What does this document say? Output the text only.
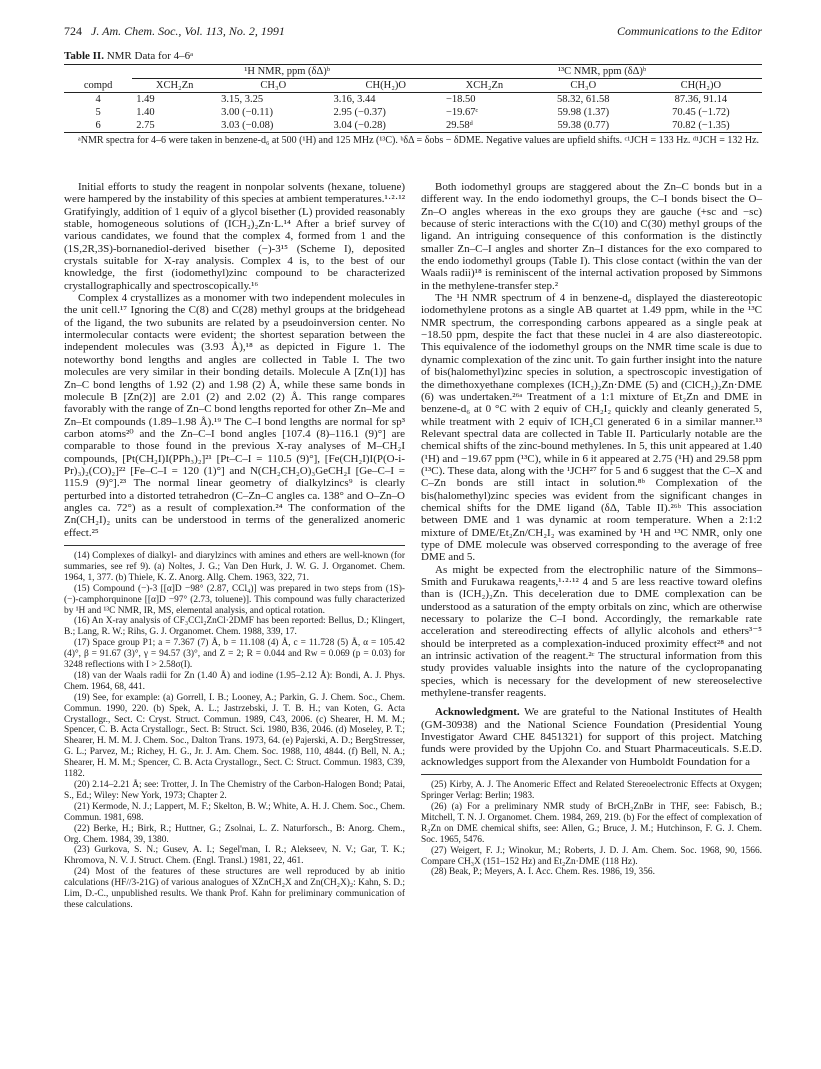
724 J. Am. Chem. Soc., Vol. 113, No. 2, 1991	Communications to the Editor
Table II. NMR Data for 4–6ᵃ
	¹H NMR, ppm (δΔ)ᵇ			¹³C NMR, ppm (δΔ)ᵇ		
compd	XCH₂Zn	CH₃O	CH(H₂)O	XCH₂Zn	CH₃O	CH(H₂)O
4	1.49	3.15, 3.25	3.16, 3.44	−18.50	58.32, 61.58	87.36, 91.14
5	1.40	3.00 (−0.11)	2.95 (−0.37)	−19.67ᶜ	59.98 (1.37)	70.45 (−1.72)
6	2.75	3.03 (−0.08)	3.04 (−0.28)	29.58ᵈ	59.38 (0.77)	70.82 (−1.35)
ᵃNMR spectra for 4–6 were taken in benzene-d₆ at 500 (¹H) and 125 MHz (¹³C). ᵇδΔ = δobs − δDME. Negative values are upfield shifts. ᶜ¹JCH = 133 Hz. ᵈ¹JCH = 132 Hz.

Initial efforts to study the reagent in nonpolar solvents (hexane, toluene) were hampered by the instability of this species at ambient temperatures.¹·²·¹² Gratifyingly, addition of 1 equiv of a glycol bisether (L) provided reasonably stable, homogeneous solutions of (ICH₂)₂Zn·L.¹⁴ After a brief survey of various candidates, we found that the complex 4, formed from 1 and the (1S,2R,3S)-bornanediol-derived bisether (−)-3¹⁵ (Scheme I), deposited crystals suitable for X-ray analysis. Complex 4 is, to the best of our knowledge, the first (iodomethyl)zinc compound to be characterized crystallographically and spectroscopically.¹⁶

Complex 4 crystallizes as a monomer with two independent molecules in the unit cell.¹⁷ Ignoring the C(8) and C(28) methyl groups at the bridgehead of the ligand, the two subunits are related by a pseudoinversion center. No intermolecular contacts were evident; the shortest separation between the independent molecules was (3.93 Å),¹⁸ as depicted in Figure 1. The noteworthy bond lengths and angles are collected in Table I. The two molecules are very similar in their bonding details. Molecule A [Zn(1)] has Zn–C bond lengths of 1.92 (2) and 1.98 (2) Å, while these same bonds in molecule B [Zn(2)] are 2.01 (2) and 2.02 (2) Å. This range compares favorably with the range of Zn–C bond lengths reported for other Zn–Me and Zn–Et compounds (1.89–1.98 Å).¹⁹ The C–I bond lengths are normal for sp³ carbon atoms²⁰ and the Zn–C–I bond angles [107.4 (8)–116.1 (9)°] are comparable to those found in the previous X-ray analyses of M–CH₂I compounds, [Pt(CH₂I)I(PPh₃)₂]²¹ [Pt–C–I = 110.5 (9)°], [Fe(CH₂I)I(P(O-i-Pr)₃)₂(CO)₂]²² [Fe–C–I = 120 (1)°] and N(CH₂CH₂O)₃GeCH₂I [Ge–C–I = 115.9 (9)°].²³ The normal linear geometry of dialkylzincs⁹ is clearly perturbed into a distorted tetrahedron (C–Zn–C angles ca. 138° and O–Zn–O angles ca. 72°) as a result of complexation.²⁴ The conformation of the Zn(CH₂I)₂ units can be understood in terms of the generalized anomeric effect.²⁵

(14) Complexes of dialkyl- and diarylzincs with amines and ethers are well-known (for summaries, see ref 9). (a) Noltes, J. G.; Van Den Hurk, J. W. G. J. Organomet. Chem. 1964, 1, 377. (b) Thiele, K. Z. Anorg. Allg. Chem. 1963, 322, 71.

(15) Compound (−)-3 [[α]D −98° (2.87, CCl₄)] was prepared in two steps from (1S)-(−)-camphorquinone [[α]D −97° (2.73, toluene)]. This compound was fully characterized by ¹H and ¹³C NMR, IR, MS, elemental analysis, and optical rotation.

(16) An X-ray analysis of CF₃CCl₂ZnCl·2DMF has been reported: Bellus, D.; Klingert, B.; Lang, R. W.; Rihs, G. J. Organomet. Chem. 1988, 339, 17.

(17) Space group P1; a = 7.367 (7) Å, b = 11.108 (4) Å, c = 11.728 (5) Å, α = 105.42 (4)°, β = 91.67 (3)°, γ = 94.57 (3)°, and Z = 2; R = 0.044 and Rw = 0.069 (p = 0.03) for 3248 reflections with I > 2.58σ(I).

(18) van der Waals radii for Zn (1.40 Å) and iodine (1.95–2.12 Å): Bondi, A. J. Phys. Chem. 1964, 68, 441.

(19) See, for example: (a) Gorrell, I. B.; Looney, A.; Parkin, G. J. Chem. Soc., Chem. Commun. 1990, 220. (b) Spek, A. L.; Jastrzebski, J. T. B. H.; van Koten, G. Acta Crystallogr., Sect. C: Cryst. Struct. Commun. 1989, C43, 2006. (c) Shearer, H. M. M.; Spencer, C. B. Acta Crystallogr., Sect. B: Struct. Sci. 1980, B36, 2046. (d) Moseley, P. T.; Shearer, H. M. M. J. Chem. Soc., Dalton Trans. 1973, 64. (e) Pajerski, A. D.; BergStresser, G. L.; Parvez, M.; Richey, H. G., Jr. J. Am. Chem. Soc. 1988, 110, 4844. (f) Bell, N. A.; Shearer, H. M. M.; Spencer, C. B. Acta Crystallogr., Sect. C: Struct. Commun. 1983, C39, 1182.

(20) 2.14–2.21 Å; see: Trotter, J. In The Chemistry of the Carbon-Halogen Bond; Patai, S., Ed.; Wiley: New York, 1973; Chapter 2.

(21) Kermode, N. J.; Lappert, M. F.; Skelton, B. W.; White, A. H. J. Chem. Soc., Chem. Commun. 1981, 698.

(22) Berke, H.; Birk, R.; Huttner, G.; Zsolnai, L. Z. Naturforsch., B: Anorg. Chem., Org. Chem. 1984, 39, 1380.

(23) Gurkova, S. N.; Gusev, A. I.; Segel'man, I. R.; Alekseev, N. V.; Gar, T. K.; Khromova, N. V. J. Struct. Chem. (Engl. Transl.) 1981, 22, 461.

(24) Most of the features of these structures are well reproduced by ab initio calculations (HF//3-21G) of various analogues of XZnCH₂X and Zn(CH₂X)₂: Kahn, S. D.; Lim, D.-C., unpublished results. We thank Prof. Kahn for preliminary communication of these calculations.

Both iodomethyl groups are staggered about the Zn–C bonds but in a different way. In the endo iodomethyl groups, the C–I bonds bisect the O–Zn–O angles whereas in the exo groups they are gauche (+sc and −sc) because of steric interactions with the C(10) and C(30) methyl groups of the ligand. An intriguing consequence of this conformation is the distinctly smaller Zn–C–I angles and shorter Zn–I distances for the exo compared to the endo iodomethyl groups (Table I). This close contact (within the van der Waals radii)¹⁸ is reminiscent of the internal activation proposed by Simmons in the methylene-transfer step.²

The ¹H NMR spectrum of 4 in benzene-d₆ displayed the diastereotopic iodomethylene protons as a single AB quartet at 1.49 ppm, while in the ¹³C NMR spectrum, the corresponding carbons appeared as a single peak at −18.50 ppm, despite the fact that these nuclei in 4 are also diastereotopic. This equivalence of the iodomethyl groups on the NMR time scale is due to dynamic complexation of the zinc unit. To gain further insight into the nature of bis(halomethyl)zinc species in solution, a spectroscopic investigation of the dimethoxyethane complexes (ICH₂)₂Zn·DME (5) and (ClCH₂)₂Zn·DME (6) was undertaken.²⁶ᵃ Treatment of a 1:1 mixture of Et₂Zn and DME in benzene-d₆ at 0 °C with 2 equiv of CH₂I₂ quickly and cleanly generated 5, while treatment with 2 equiv of ICH₂Cl generated 6 in a similar manner.¹³ Relevant spectral data are collected in Table II. Particularly notable are the chemical shifts of the zinc-bound methylenes. In 5, this unit appeared at 1.40 (¹H) and −19.67 ppm (¹³C), while in 6 it appeared at 2.75 (¹H) and 29.58 ppm (¹³C). These data, along with the ¹JCH²⁷ for 5 and 6 suggest that the C–X and C–Zn bonds are still intact in solution.⁸ᵇ Complexation of the bis(halomethyl)zinc species was evident from the significant changes in chemical shifts for the DME ligand (δΔ, Table II).²⁶ᵇ This association between DME and 1 was dynamic at room temperature. When a 2:1:2 mixture of DME/Et₂Zn/CH₂I₂ was examined by ¹H and ¹³C NMR, only one type of DME molecule was observed corresponding to the average of free DME and 5.

As might be expected from the electrophilic nature of the Simmons–Smith and Furukawa reagents,¹·²·¹² 4 and 5 are less reactive toward olefins than is (ICH₂)₂Zn. This deceleration due to DME complexation can be understood as a saturation of the empty orbitals on zinc, which are otherwise necessary to polarize the C–I bond. Accordingly, the remarkable rate acceleration and stereodirecting effects of allylic alcohols and ethers³⁻⁵ should be interpreted as a complexation-induced proximity effect²⁸ and not an intrinsic activation of the reagent.²ᶜ The structural information from this study provides valuable insights into the nature of the cyclopropanating species, which is necessary for the development of new stereoselective methylene-transfer reagents.

Acknowledgment. We are grateful to the National Institutes of Health (GM-30938) and the National Science Foundation (Presidential Young Investigator Award CHE 8451321) for support of this project. Matching funds were provided by the Upjohn Co. and Stuart Pharmaceuticals. S.E.D. acknowledges support from the Alexander von Humboldt Foundation for a

(25) Kirby, A. J. The Anomeric Effect and Related Stereoelectronic Effects at Oxygen; Springer Verlag: Berlin; 1983.

(26) (a) For a preliminary NMR study of BrCH₂ZnBr in THF, see: Fabisch, B.; Mitchell, T. N. J. Organomet. Chem. 1984, 269, 219. (b) For the effect of complexation of R₂Zn on DME chemical shifts, see: Allen, G.; Bruce, J. M.; Hutchinson, F. G. J. Chem. Soc. 1965, 5476.

(27) Weigert, F. J.; Winokur, M.; Roberts, J. D. J. Am. Chem. Soc. 1968, 90, 1566. Compare CH₃X (151–152 Hz) and Et₂Zn·DME (118 Hz).

(28) Beak, P.; Meyers, A. I. Acc. Chem. Res. 1986, 19, 356.
